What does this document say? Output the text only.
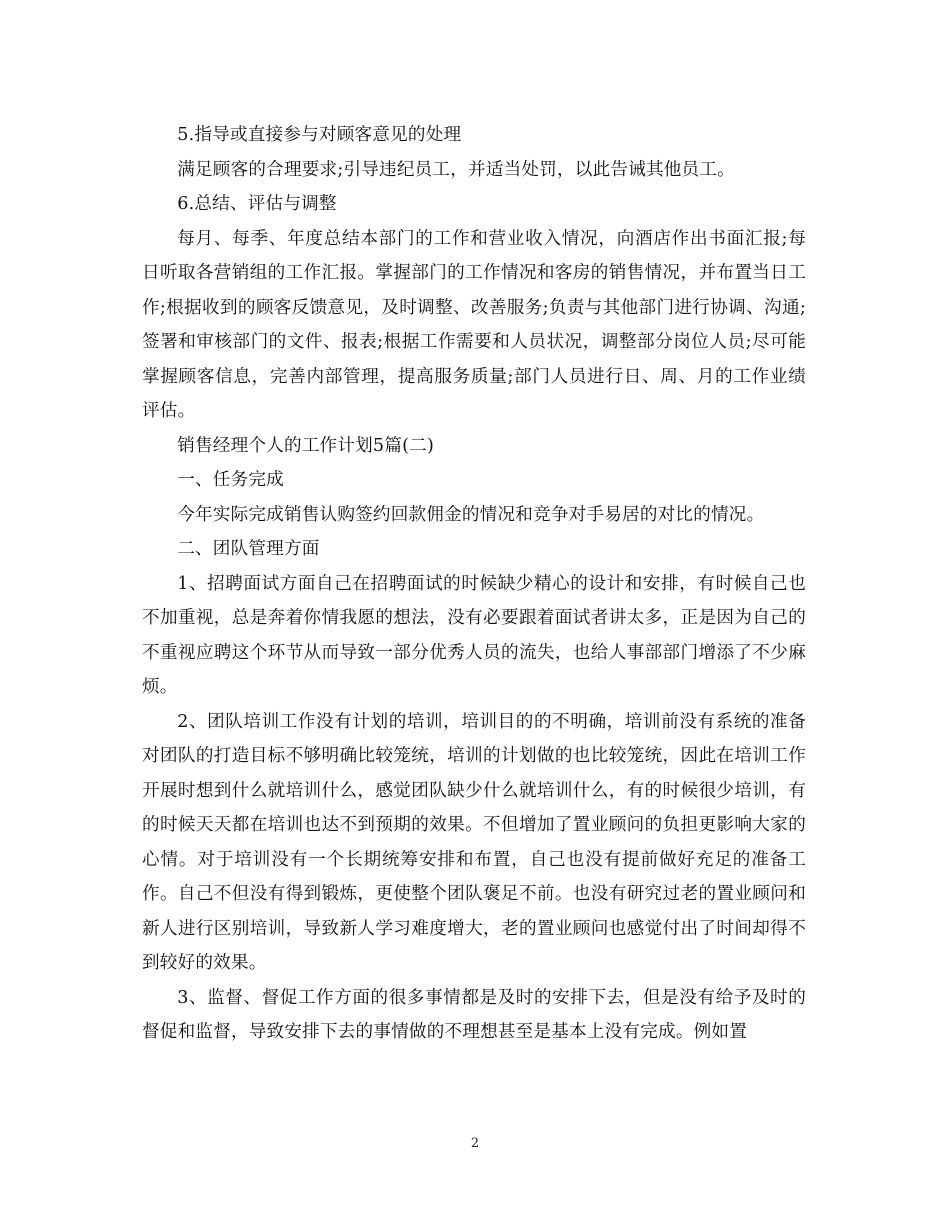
5.指导或直接参与对顾客意见的处理

满足顾客的合理要求;引导违纪员工，并适当处罚，以此告诫其他员工。

6.总结、评估与调整

每月、每季、年度总结本部门的工作和营业收入情况，向酒店作出书面汇报;每日听取各营销组的工作汇报。掌握部门的工作情况和客房的销售情况，并布置当日工作;根据收到的顾客反馈意见，及时调整、改善服务;负责与其他部门进行协调、沟通;签署和审核部门的文件、报表;根据工作需要和人员状况，调整部分岗位人员;尽可能掌握顾客信息，完善内部管理，提高服务质量;部门人员进行日、周、月的工作业绩评估。

销售经理个人的工作计划5篇(二)

一、任务完成

今年实际完成销售认购签约回款佣金的情况和竞争对手易居的对比的情况。

二、团队管理方面

1、招聘面试方面自己在招聘面试的时候缺少精心的设计和安排，有时候自己也不加重视，总是奔着你情我愿的想法，没有必要跟着面试者讲太多，正是因为自己的不重视应聘这个环节从而导致一部分优秀人员的流失，也给人事部部门增添了不少麻烦。

2、团队培训工作没有计划的培训，培训目的的不明确，培训前没有系统的准备对团队的打造目标不够明确比较笼统，培训的计划做的也比较笼统，因此在培训工作开展时想到什么就培训什么，感觉团队缺少什么就培训什么，有的时候很少培训，有的时候天天都在培训也达不到预期的效果。不但增加了置业顾问的负担更影响大家的心情。对于培训没有一个长期统筹安排和布置，自己也没有提前做好充足的准备工作。自己不但没有得到锻炼，更使整个团队褒足不前。也没有研究过老的置业顾问和新人进行区别培训，导致新人学习难度增大，老的置业顾问也感觉付出了时间却得不到较好的效果。

3、监督、督促工作方面的很多事情都是及时的安排下去，但是没有给予及时的督促和监督，导致安排下去的事情做的不理想甚至是基本上没有完成。例如置

2
